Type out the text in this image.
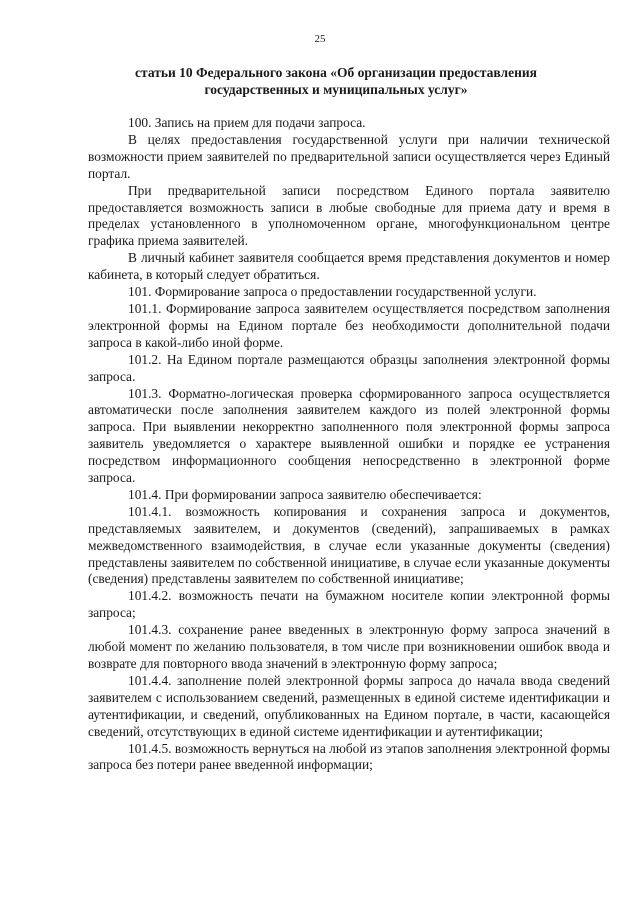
25
статьи 10 Федерального закона «Об организации предоставления
государственных и муниципальных услуг»

100. Запись на прием для подачи запроса.

В целях предоставления государственной услуги при наличии технической возможности прием заявителей по предварительной записи осуществляется через Единый портал.

При предварительной записи посредством Единого портала заявителю предоставляется возможность записи в любые свободные для приема дату и время в пределах установленного в уполномоченном органе, многофункциональном центре графика приема заявителей.

В личный кабинет заявителя сообщается время представления документов и номер кабинета, в который следует обратиться.

101. Формирование запроса о предоставлении государственной услуги.

101.1. Формирование запроса заявителем осуществляется посредством заполнения электронной формы на Едином портале без необходимости дополнительной подачи запроса в какой-либо иной форме.

101.2. На Едином портале размещаются образцы заполнения электронной формы запроса.

101.3. Форматно-логическая проверка сформированного запроса осуществляется автоматически после заполнения заявителем каждого из полей электронной формы запроса. При выявлении некорректно заполненного поля электронной формы запроса заявитель уведомляется о характере выявленной ошибки и порядке ее устранения посредством информационного сообщения непосредственно в электронной форме запроса.

101.4. При формировании запроса заявителю обеспечивается:

101.4.1. возможность копирования и сохранения запроса и документов, представляемых заявителем, и документов (сведений), запрашиваемых в рамках межведомственного взаимодействия, в случае если указанные документы (сведения) представлены заявителем по собственной инициативе, в случае если указанные документы (сведения) представлены заявителем по собственной инициативе;

101.4.2. возможность печати на бумажном носителе копии электронной формы запроса;

101.4.3. сохранение ранее введенных в электронную форму запроса значений в любой момент по желанию пользователя, в том числе при возникновении ошибок ввода и возврате для повторного ввода значений в электронную форму запроса;

101.4.4. заполнение полей электронной формы запроса до начала ввода сведений заявителем с использованием сведений, размещенных в единой системе идентификации и аутентификации, и сведений, опубликованных на Едином портале, в части, касающейся сведений, отсутствующих в единой системе идентификации и аутентификации;

101.4.5. возможность вернуться на любой из этапов заполнения электронной формы запроса без потери ранее введенной информации;
